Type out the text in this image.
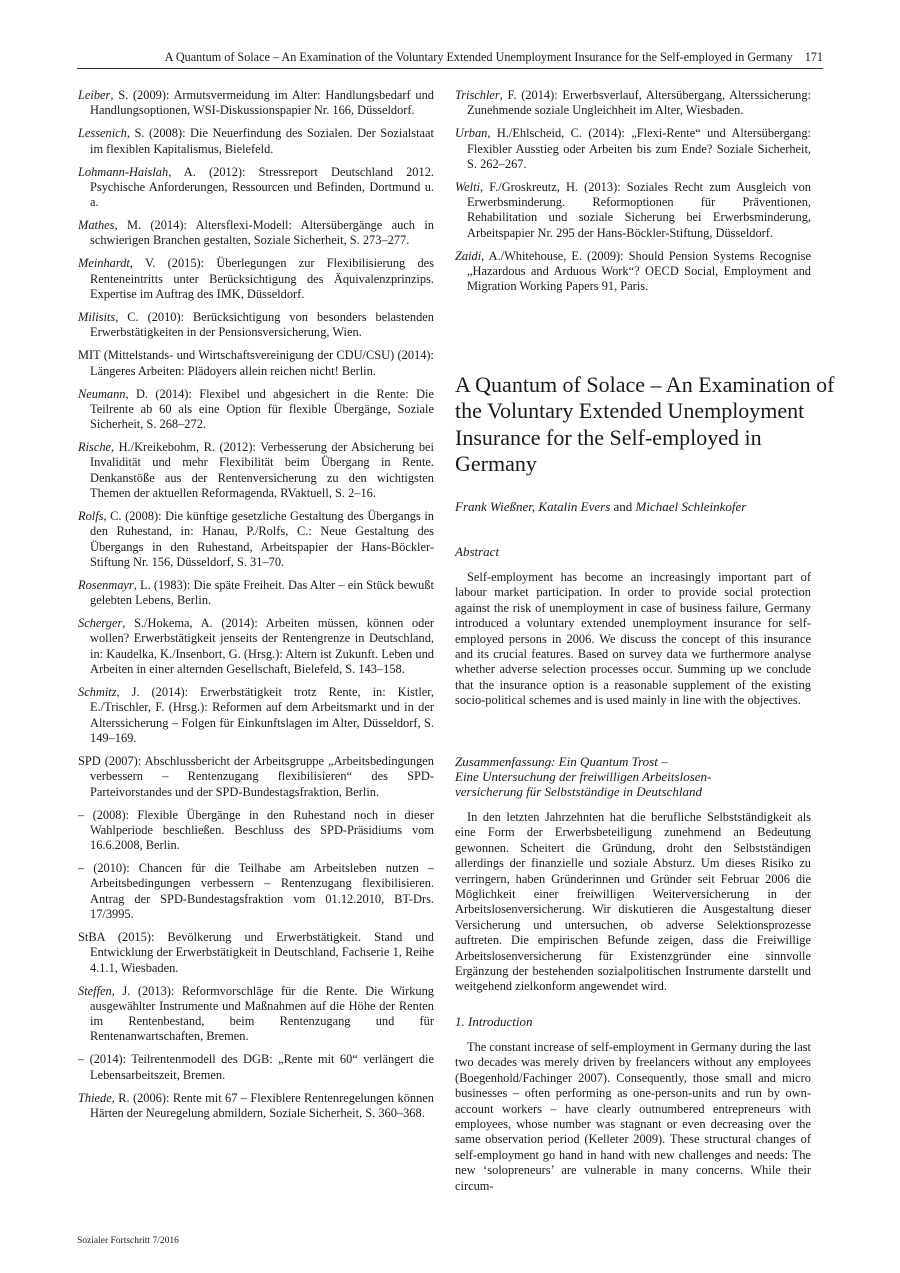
A Quantum of Solace – An Examination of the Voluntary Extended Unemployment Insurance for the Self-employed in Germany 171

Leiber, S. (2009): Armutsvermeidung im Alter: Handlungsbedarf und Handlungsoptionen, WSI-Diskussionspapier Nr. 166, Düsseldorf.

Lessenich, S. (2008): Die Neuerfindung des Sozialen. Der Sozialstaat im flexiblen Kapitalismus, Bielefeld.

Lohmann-Haislah, A. (2012): Stressreport Deutschland 2012. Psychische Anforderungen, Ressourcen und Befinden, Dortmund u. a.

Mathes, M. (2014): Altersflexi-Modell: Altersübergänge auch in schwierigen Branchen gestalten, Soziale Sicherheit, S. 273–277.

Meinhardt, V. (2015): Überlegungen zur Flexibilisierung des Renteneintritts unter Berücksichtigung des Äquivalenzprinzips. Expertise im Auftrag des IMK, Düsseldorf.

Milisits, C. (2010): Berücksichtigung von besonders belastenden Erwerbstätigkeiten in der Pensionsversicherung, Wien.

MIT (Mittelstands- und Wirtschaftsvereinigung der CDU/CSU) (2014): Längeres Arbeiten: Plädoyers allein reichen nicht! Berlin.

Neumann, D. (2014): Flexibel und abgesichert in die Rente: Die Teilrente ab 60 als eine Option für flexible Übergänge, Soziale Sicherheit, S. 268–272.

Rische, H./Kreikebohm, R. (2012): Verbesserung der Absicherung bei Invalidität und mehr Flexibilität beim Übergang in Rente. Denkanstöße aus der Rentenversicherung zu den wichtigsten Themen der aktuellen Reformagenda, RVaktuell, S. 2–16.

Rolfs, C. (2008): Die künftige gesetzliche Gestaltung des Übergangs in den Ruhestand, in: Hanau, P./Rolfs, C.: Neue Gestaltung des Übergangs in den Ruhestand, Arbeitspapier der Hans-Böckler-Stiftung Nr. 156, Düsseldorf, S. 31–70.

Rosenmayr, L. (1983): Die späte Freiheit. Das Alter – ein Stück bewußt gelebten Lebens, Berlin.

Scherger, S./Hokema, A. (2014): Arbeiten müssen, können oder wollen? Erwerbstätigkeit jenseits der Rentengrenze in Deutschland, in: Kaudelka, K./Insenbort, G. (Hrsg.): Altern ist Zukunft. Leben und Arbeiten in einer alternden Gesellschaft, Bielefeld, S. 143–158.

Schmitz, J. (2014): Erwerbstätigkeit trotz Rente, in: Kistler, E./Trischler, F. (Hrsg.): Reformen auf dem Arbeitsmarkt und in der Alterssicherung – Folgen für Einkunftslagen im Alter, Düsseldorf, S. 149–169.

SPD (2007): Abschlussbericht der Arbeitsgruppe „Arbeitsbedingungen verbessern – Rentenzugang flexibilisieren“ des SPD-Parteivorstandes und der SPD-Bundestagsfraktion, Berlin.

– (2008): Flexible Übergänge in den Ruhestand noch in dieser Wahlperiode beschließen. Beschluss des SPD-Präsidiums vom 16.6.2008, Berlin.

– (2010): Chancen für die Teilhabe am Arbeitsleben nutzen – Arbeitsbedingungen verbessern – Rentenzugang flexibilisieren. Antrag der SPD-Bundestagsfraktion vom 01.12.2010, BT-Drs. 17/3995.

StBA (2015): Bevölkerung und Erwerbstätigkeit. Stand und Entwicklung der Erwerbstätigkeit in Deutschland, Fachserie 1, Reihe 4.1.1, Wiesbaden.

Steffen, J. (2013): Reformvorschläge für die Rente. Die Wirkung ausgewählter Instrumente und Maßnahmen auf die Höhe der Renten im Rentenbestand, beim Rentenzugang und für Rentenanwartschaften, Bremen.

– (2014): Teilrentenmodell des DGB: „Rente mit 60“ verlängert die Lebensarbeitszeit, Bremen.

Thiede, R. (2006): Rente mit 67 – Flexiblere Rentenregelungen können Härten der Neuregelung abmildern, Soziale Sicherheit, S. 360–368.

Trischler, F. (2014): Erwerbsverlauf, Altersübergang, Alterssicherung: Zunehmende soziale Ungleichheit im Alter, Wiesbaden.

Urban, H./Ehlscheid, C. (2014): „Flexi-Rente“ und Altersübergang: Flexibler Ausstieg oder Arbeiten bis zum Ende? Soziale Sicherheit, S. 262–267.

Welti, F./Groskreutz, H. (2013): Soziales Recht zum Ausgleich von Erwerbsminderung. Reformoptionen für Präventionen, Rehabilitation und soziale Sicherung bei Erwerbsminderung, Arbeitspapier Nr. 295 der Hans-Böckler-Stiftung, Düsseldorf.

Zaidi, A./Whitehouse, E. (2009): Should Pension Systems Recognise „Hazardous and Arduous Work“? OECD Social, Employment and Migration Working Papers 91, Paris.

A Quantum of Solace – An Examination of the Voluntary Extended Unemployment Insurance for the Self-employed in Germany
Frank Wießner, Katalin Evers and Michael Schleinkofer

Abstract

Self-employment has become an increasingly important part of labour market participation. In order to provide social protection against the risk of unemployment in case of business failure, Germany introduced a voluntary extended unemployment insurance for self-employed persons in 2006. We discuss the concept of this insurance and its crucial features. Based on survey data we furthermore analyse whether adverse selection processes occur. Summing up we conclude that the insurance option is a reasonable supplement of the existing socio-political schemes and is used mainly in line with the objectives.

Zusammenfassung: Ein Quantum Trost –

Eine Untersuchung der freiwilligen Arbeitslosen-

versicherung für Selbstständige in Deutschland

In den letzten Jahrzehnten hat die berufliche Selbstständigkeit als eine Form der Erwerbsbeteiligung zunehmend an Bedeutung gewonnen. Scheitert die Gründung, droht den Selbstständigen allerdings der finanzielle und soziale Absturz. Um dieses Risiko zu verringern, haben Gründerinnen und Gründer seit Februar 2006 die Möglichkeit einer freiwilligen Weiterversicherung in der Arbeitslosenversicherung. Wir diskutieren die Ausgestaltung dieser Versicherung und untersuchen, ob adverse Selektionsprozesse auftreten. Die empirischen Befunde zeigen, dass die Freiwillige Arbeitslosenversicherung für Existenzgründer eine sinnvolle Ergänzung der bestehenden sozialpolitischen Instrumente darstellt und weitgehend zielkonform angewendet wird.

1. Introduction

The constant increase of self-employment in Germany during the last two decades was merely driven by freelancers without any employees (Boegenhold/Fachinger 2007). Consequently, those small and micro businesses – often performing as one-person-units and run by own-account workers – have clearly outnumbered entrepreneurs with employees, whose number was stagnant or even decreasing over the same observation period (Kelleter 2009). These structural changes of self-employment go hand in hand with new challenges and needs: The new ‘solopreneurs’ are vulnerable in many concerns. While their circum-

Sozialer Fortschritt 7/2016
